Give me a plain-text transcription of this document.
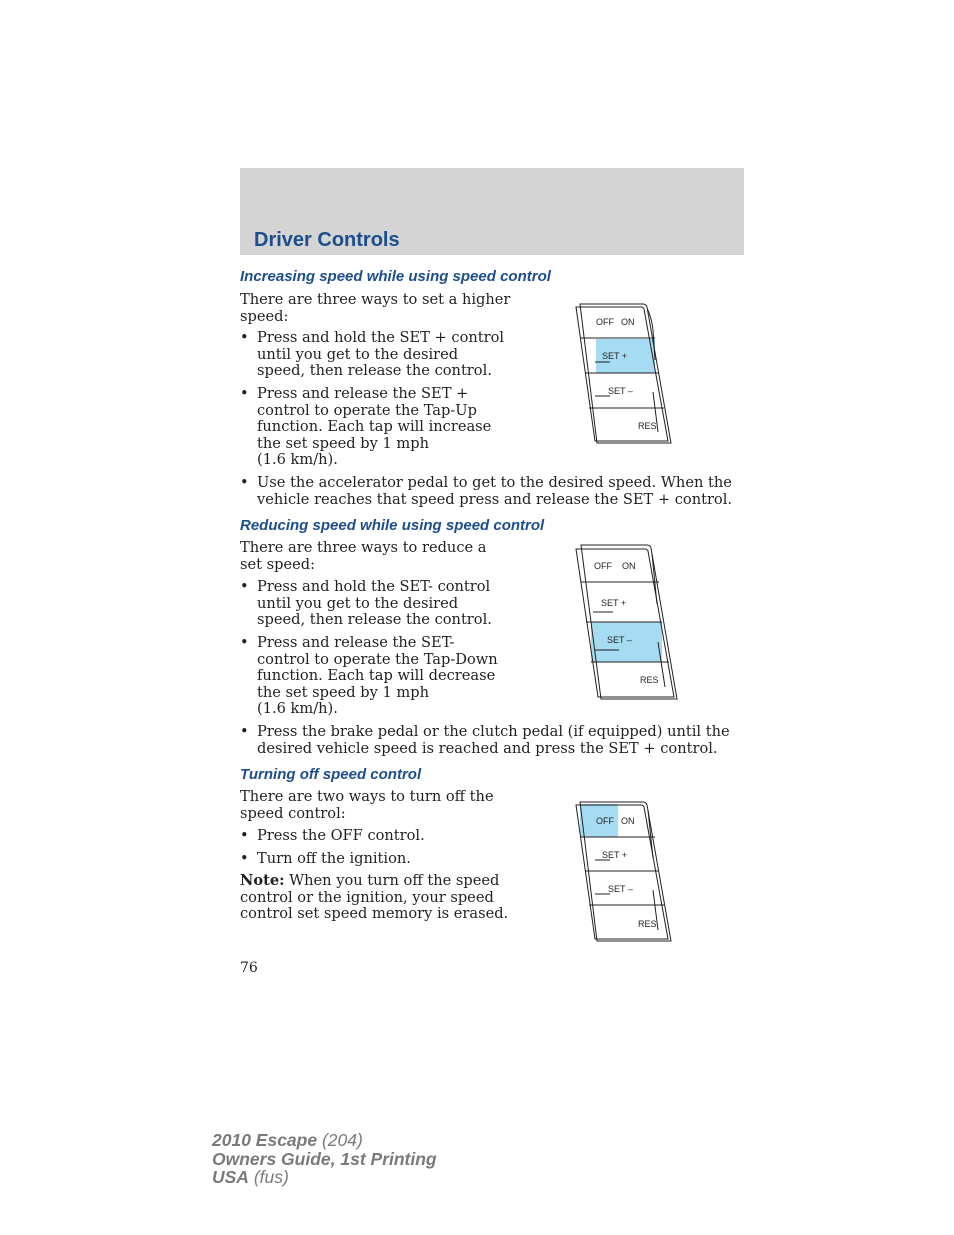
Driver Controls
Increasing speed while using speed control
There are three ways to set a higher
speed:
• Press and hold the SET + control
until you get to the desired
speed, then release the control.
• Press and release the SET +
control to operate the Tap-Up
function. Each tap will increase
the set speed by 1 mph
(1.6 km/h).
• Use the accelerator pedal to get to the desired speed. When the
vehicle reaches that speed press and release the SET + control.
OFF ON
SET +
SET –
RES
Reducing speed while using speed control
There are three ways to reduce a
set speed:
• Press and hold the SET- control
until you get to the desired
speed, then release the control.
• Press and release the SET-
control to operate the Tap-Down
function. Each tap will decrease
the set speed by 1 mph
(1.6 km/h).
• Press the brake pedal or the clutch pedal (if equipped) until the
desired vehicle speed is reached and press the SET + control.
OFF ON
SET +
SET –
RES
Turning off speed control
There are two ways to turn off the
speed control:
• Press the OFF control.
• Turn off the ignition.
Note: When you turn off the speed
control or the ignition, your speed
control set speed memory is erased.
OFF ON
SET +
SET –
RES
76
2010 Escape (204)
Owners Guide, 1st Printing
USA (fus)
